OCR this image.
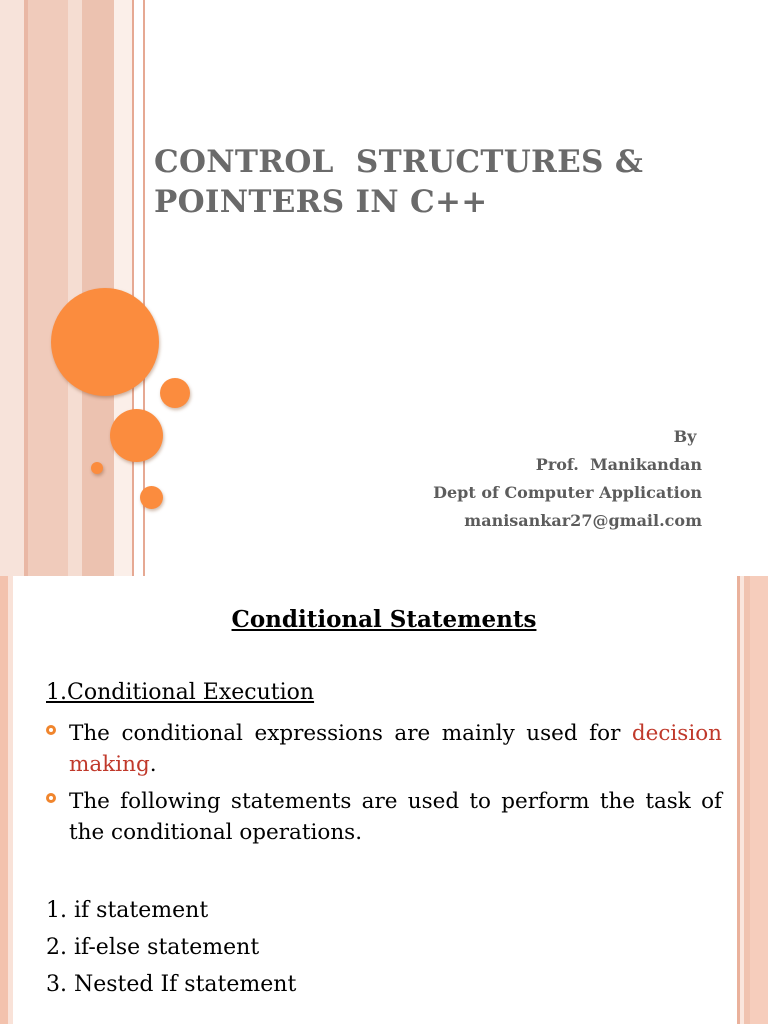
CONTROL  STRUCTURES &
POINTERS IN C++
By
Prof.  Manikandan
Dept of Computer Application
manisankar27@gmail.com
Conditional Statements
1.Conditional Execution
The conditional expressions are mainly used for decision making.
The following statements are used to perform the task of the conditional operations.
1. if statement
2. if-else statement
3. Nested If statement
